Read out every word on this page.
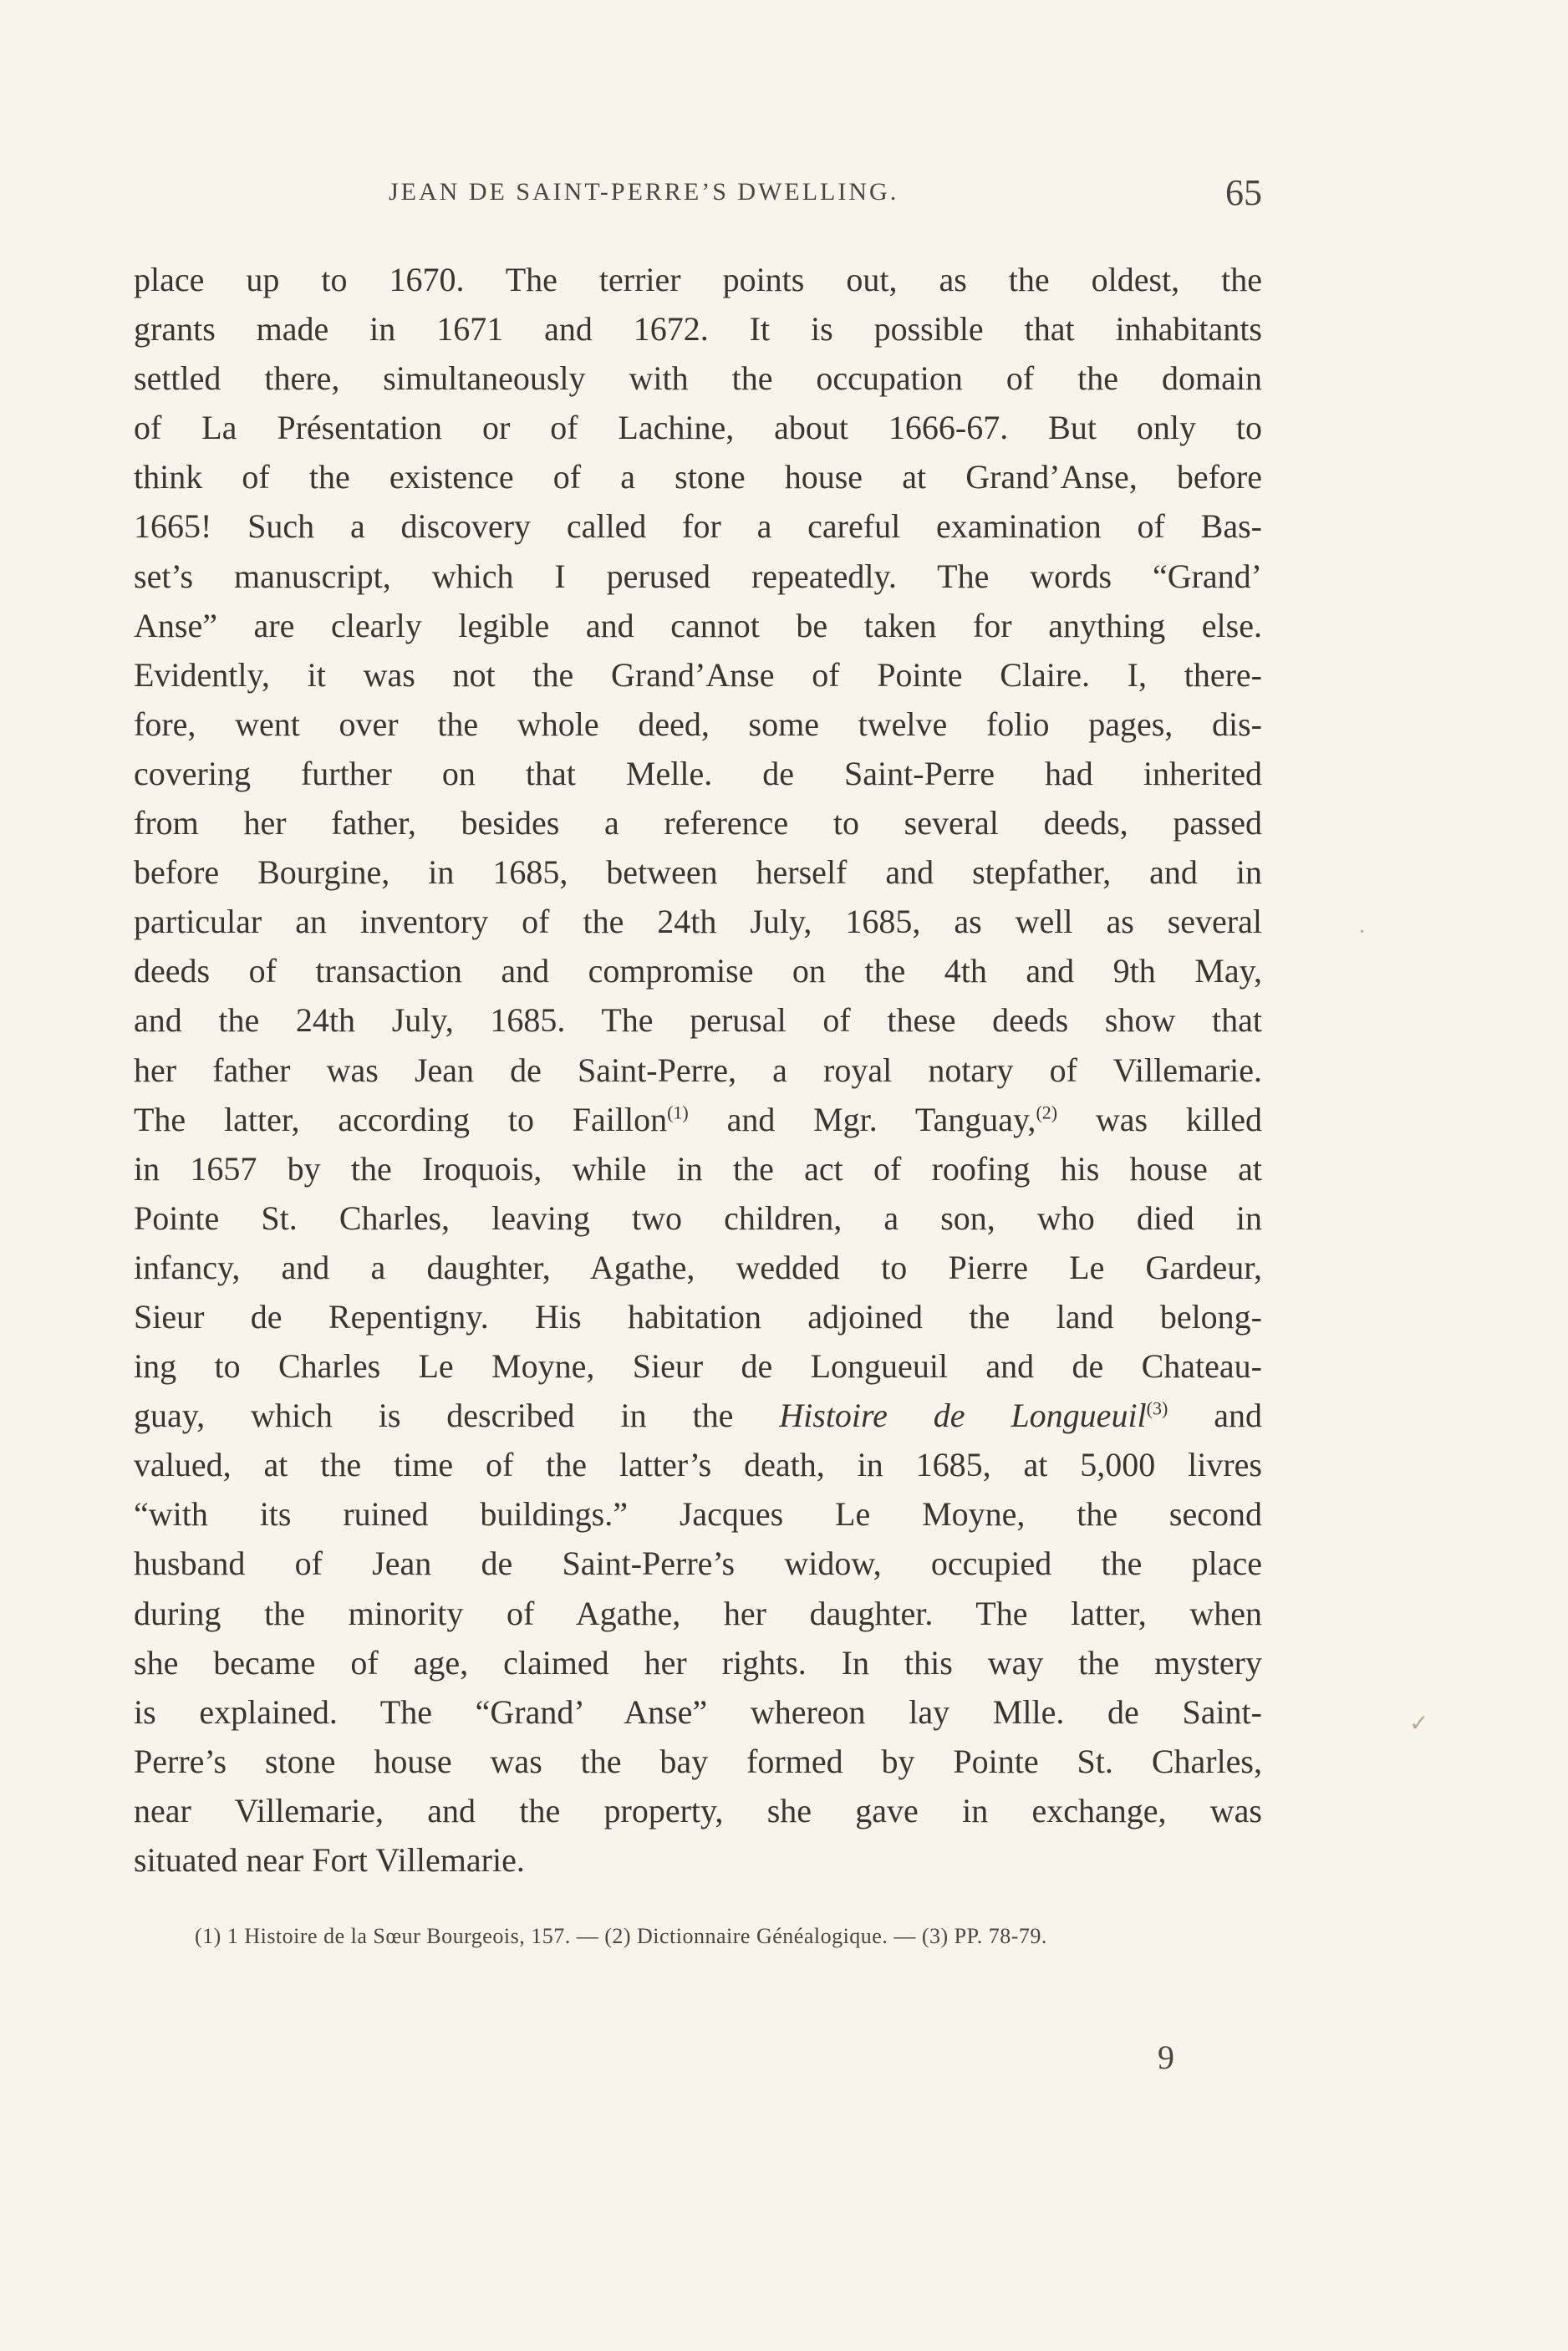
JEAN DE SAINT-PERRE’S DWELLING.	65
place up to 1670. The terrier points out, as the oldest, the
grants made in 1671 and 1672. It is possible that inhabitants
settled there, simultaneously with the occupation of the domain
of La Présentation or of Lachine, about 1666-67. But only to
think of the existence of a stone house at Grand’Anse, before
1665! Such a discovery called for a careful examination of Bas-
set’s manuscript, which I perused repeatedly. The words “Grand’
Anse” are clearly legible and cannot be taken for anything else.
Evidently, it was not the Grand’Anse of Pointe Claire. I, there-
fore, went over the whole deed, some twelve folio pages, dis-
covering further on that Melle. de Saint-Perre had inherited
from her father, besides a reference to several deeds, passed
before Bourgine, in 1685, between herself and stepfather, and in
particular an inventory of the 24th July, 1685, as well as several
deeds of transaction and compromise on the 4th and 9th May,
and the 24th July, 1685. The perusal of these deeds show that
her father was Jean de Saint-Perre, a royal notary of Villemarie.
The latter, according to Faillon$^{(1)}$ and Mgr. Tanguay,$^{(2)}$ was killed
in 1657 by the Iroquois, while in the act of roofing his house at
Pointe St. Charles, leaving two children, a son, who died in
infancy, and a daughter, Agathe, wedded to Pierre Le Gardeur,
Sieur de Repentigny. His habitation adjoined the land belong-
ing to Charles Le Moyne, Sieur de Longueuil and de Chateau-
guay, which is described in the Histoire de Longueuil$^{(3)}$ and
valued, at the time of the latter’s death, in 1685, at 5,000 livres
“with its ruined buildings.” Jacques Le Moyne, the second
husband of Jean de Saint-Perre’s widow, occupied the place
during the minority of Agathe, her daughter. The latter, when
she became of age, claimed her rights. In this way the mystery
is explained. The “Grand’ Anse” whereon lay Mlle. de Saint-
Perre’s stone house was the bay formed by Pointe St. Charles,
near Villemarie, and the property, she gave in exchange, was
situated near Fort Villemarie.
(1) 1 Histoire de la Sœur Bourgeois, 157. — (2) Dictionnaire Généalogique. — (3) PP. 78-79.
9
·
✓
